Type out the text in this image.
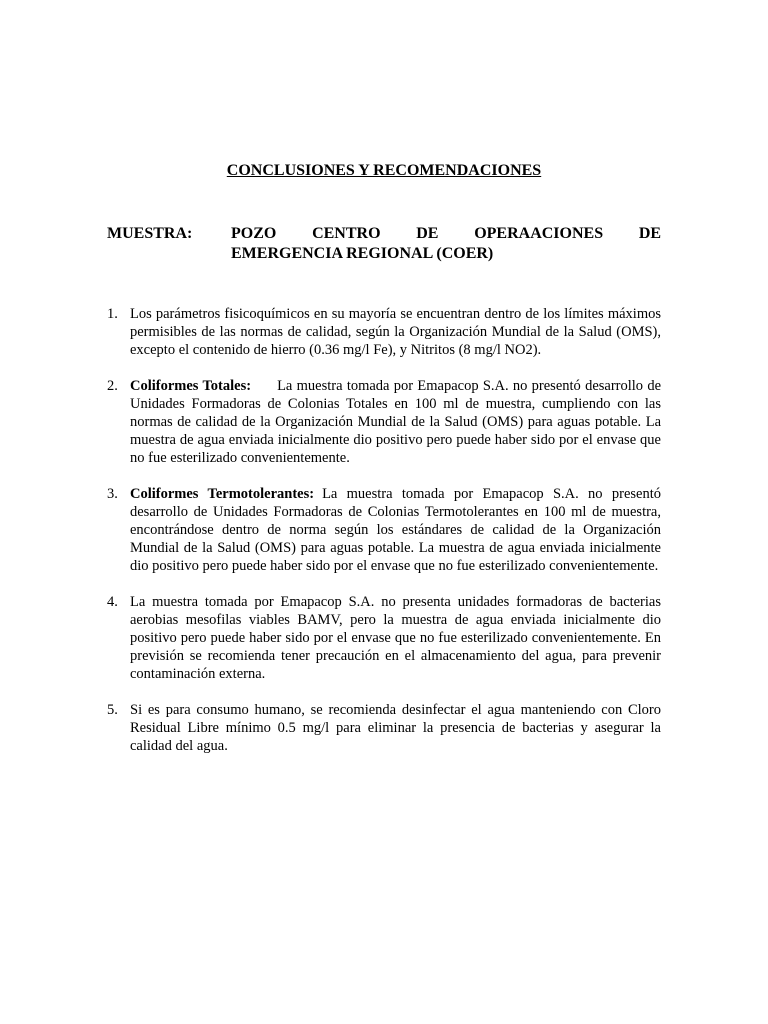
CONCLUSIONES Y RECOMENDACIONES
MUESTRA: POZO CENTRO DE OPERAACIONES DE
EMERGENCIA REGIONAL (COER)
1. Los parámetros fisicoquímicos en su mayoría se encuentran dentro de los límites máximos permisibles de las normas de calidad, según la Organización Mundial de la Salud (OMS), excepto el contenido de hierro (0.36 mg/l Fe), y Nitritos (8 mg/l NO2).
2. Coliformes Totales: La muestra tomada por Emapacop S.A. no presentó desarrollo de Unidades Formadoras de Colonias Totales en 100 ml de muestra, cumpliendo con las normas de calidad de la Organización Mundial de la Salud (OMS) para aguas potable. La muestra de agua enviada inicialmente dio positivo pero puede haber sido por el envase que no fue esterilizado convenientemente.
3. Coliformes Termotolerantes: La muestra tomada por Emapacop S.A. no presentó desarrollo de Unidades Formadoras de Colonias Termotolerantes en 100 ml de muestra, encontrándose dentro de norma según los estándares de calidad de la Organización Mundial de la Salud (OMS) para aguas potable. La muestra de agua enviada inicialmente dio positivo pero puede haber sido por el envase que no fue esterilizado convenientemente.
4. La muestra tomada por Emapacop S.A. no presenta unidades formadoras de bacterias aerobias mesofilas viables BAMV, pero la muestra de agua enviada inicialmente dio positivo pero puede haber sido por el envase que no fue esterilizado convenientemente. En previsión se recomienda tener precaución en el almacenamiento del agua, para prevenir contaminación externa.
5. Si es para consumo humano, se recomienda desinfectar el agua manteniendo con Cloro Residual Libre mínimo 0.5 mg/l para eliminar la presencia de bacterias y asegurar la calidad del agua.
